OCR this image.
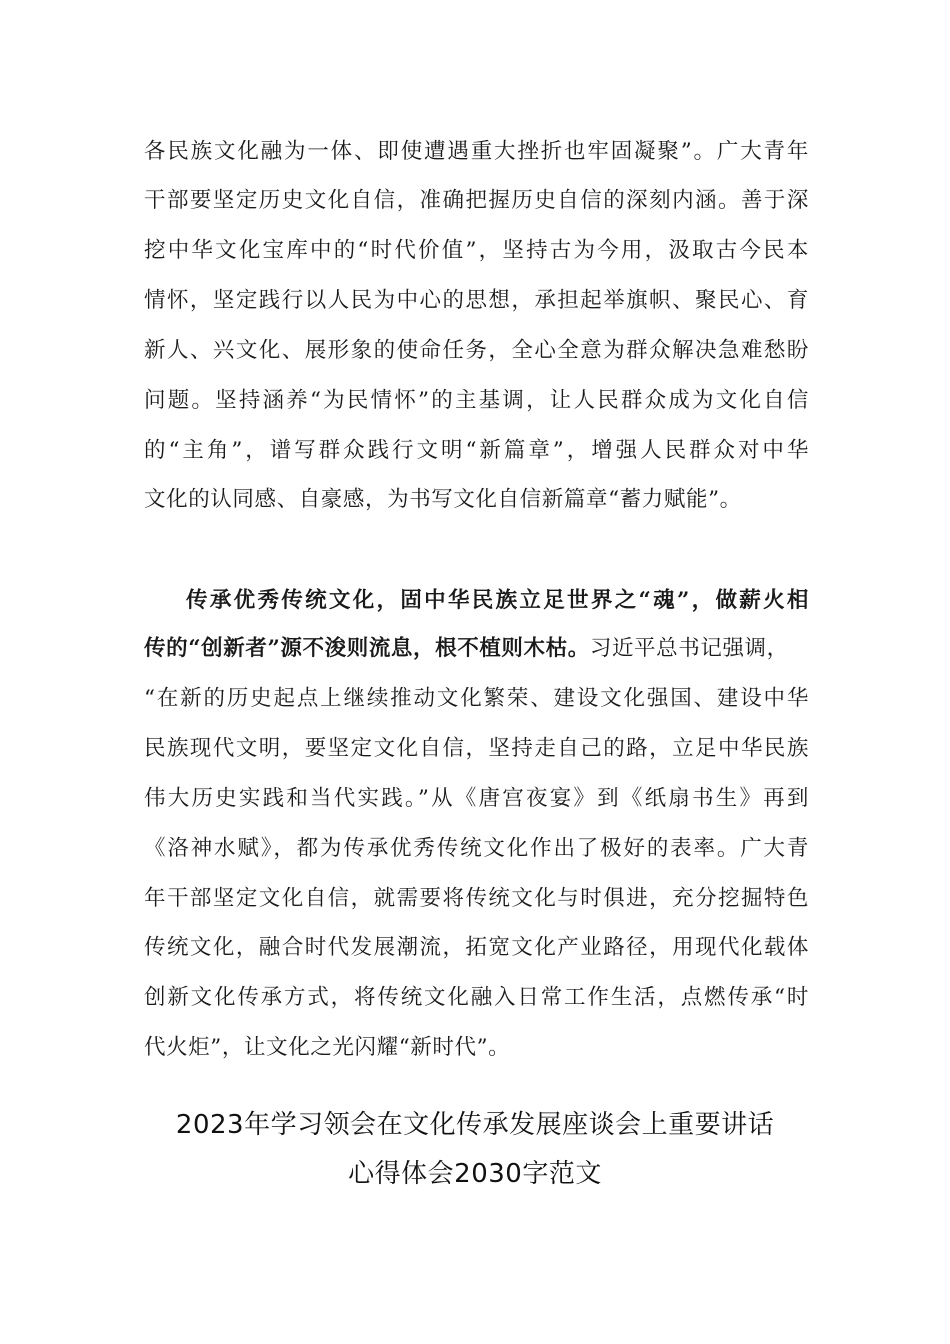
各民族文化融为一体、即使遭遇重大挫折也牢固凝聚”。广大青年
干部要坚定历史文化自信，准确把握历史自信的深刻内涵。善于深
挖中华文化宝库中的“时代价值”，坚持古为今用，汲取古今民本
情怀，坚定践行以人民为中心的思想，承担起举旗帜、聚民心、育
新人、兴文化、展形象的使命任务，全心全意为群众解决急难愁盼
问题。坚持涵养“为民情怀”的主基调，让人民群众成为文化自信
的“主角”，谱写群众践行文明“新篇章”，增强人民群众对中华
文化的认同感、自豪感，为书写文化自信新篇章“蓄力赋能”。
传承优秀传统文化，固中华民族立足世界之“魂”，做薪火相
传的“创新者”源不浚则流息，根不植则木枯。习近平总书记强调，
“在新的历史起点上继续推动文化繁荣、建设文化强国、建设中华
民族现代文明，要坚定文化自信，坚持走自己的路，立足中华民族
伟大历史实践和当代实践。”从《唐宫夜宴》到《纸扇书生》再到
《洛神水赋》，都为传承优秀传统文化作出了极好的表率。广大青
年干部坚定文化自信，就需要将传统文化与时俱进，充分挖掘特色
传统文化，融合时代发展潮流，拓宽文化产业路径，用现代化载体
创新文化传承方式，将传统文化融入日常工作生活，点燃传承“时
代火炬”，让文化之光闪耀“新时代”。
2023年学习领会在文化传承发展座谈会上重要讲话
心得体会2030字范文
